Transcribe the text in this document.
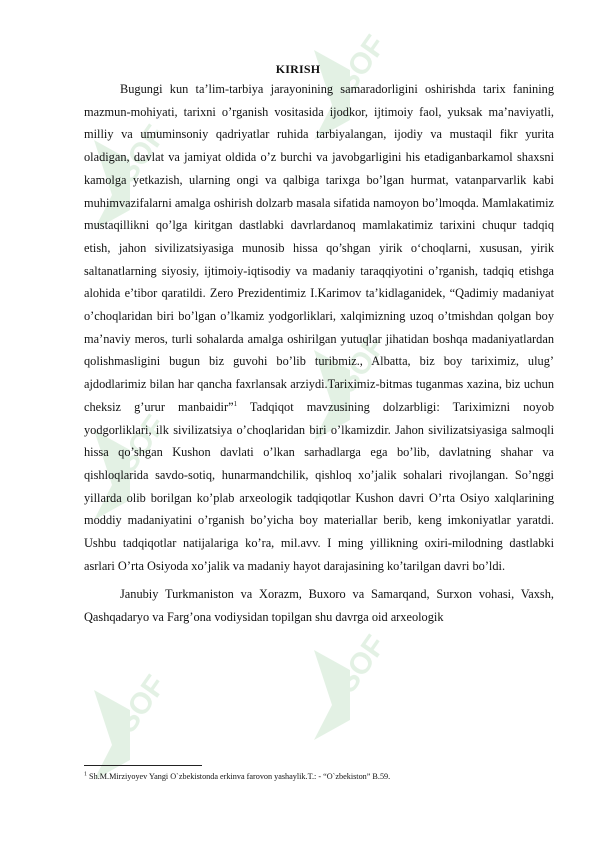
SOF
SOF
SOF
SOF
SOF
SOF
KIRISH

Bugungi kun ta’lim-tarbiya jarayonining samaradorligini oshirishda tarix fanining mazmun-mohiyati, tarixni o’rganish vositasida ijodkor, ijtimoiy faol, yuksak ma’naviyatli, milliy va umuminsoniy qadriyatlar ruhida tarbiyalangan, ijodiy va mustaqil fikr yurita oladigan, davlat va jamiyat oldida o’z burchi va javobgarligini his etadiganbarkamol shaxsni kamolga yetkazish, ularning ongi va qalbiga tarixga bo’lgan hurmat, vatanparvarlik kabi muhimvazifalarni amalga oshirish dolzarb masala sifatida namoyon bo’lmoqda. Mamlakatimiz mustaqillikni qo’lga kiritgan dastlabki davrlardanoq mamlakatimiz tarixini chuqur tadqiq etish, jahon sivilizatsiyasiga munosib hissa qo’shgan yirik o‘choqlarni, xususan, yirik saltanatlarning siyosiy, ijtimoiy-iqtisodiy va madaniy taraqqiyotini o’rganish, tadqiq etishga alohida e’tibor qaratildi. Zero Prezidentimiz I.Karimov ta’kidlaganidek, “Qadimiy madaniyat o’choqlaridan biri bo’lgan o’lkamiz yodgorliklari, xalqimizning uzoq o’tmishdan qolgan boy ma’naviy meros, turli sohalarda amalga oshirilgan yutuqlar jihatidan boshqa madaniyatlardan qolishmasligini bugun biz guvohi bo’lib turibmiz., Albatta, biz boy tariximiz, ulug’ ajdodlarimiz bilan har qancha faxrlansak arziydi.Tariximiz-bitmas tuganmas xazina, biz uchun cheksiz g’urur manbaidir”$^1$ Tadqiqot mavzusining dolzarbligi: Tariximizni noyob yodgorliklari, ilk sivilizatsiya o’choqlaridan biri o’lkamizdir. Jahon sivilizatsiyasiga salmoqli hissa qo’shgan Kushon davlati o’lkan sarhadlarga ega bo’lib, davlatning shahar va qishloqlarida savdo-sotiq, hunarmandchilik, qishloq xo’jalik sohalari rivojlangan. So’nggi yillarda olib borilgan ko’plab arxeologik tadqiqotlar Kushon davri O’rta Osiyo xalqlarining moddiy madaniyatini o’rganish bo’yicha boy materiallar berib, keng imkoniyatlar yaratdi. Ushbu tadqiqotlar natijalariga ko’ra, mil.avv. I ming yillikning oxiri-milodning dastlabki asrlari O’rta Osiyoda xo’jalik va madaniy hayot darajasining ko’tarilgan davri bo’ldi.

Janubiy Turkmaniston va Xorazm, Buxoro va Samarqand, Surxon vohasi, Vaxsh, Qashqadaryo va Farg’ona vodiysidan topilgan shu davrga oid arxeologik

$^1$ Sh.M.Mirziyoyev Yangi O`zbekistonda erkinva farovon yashaylik.T.: - “O`zbekiston” B.59.
